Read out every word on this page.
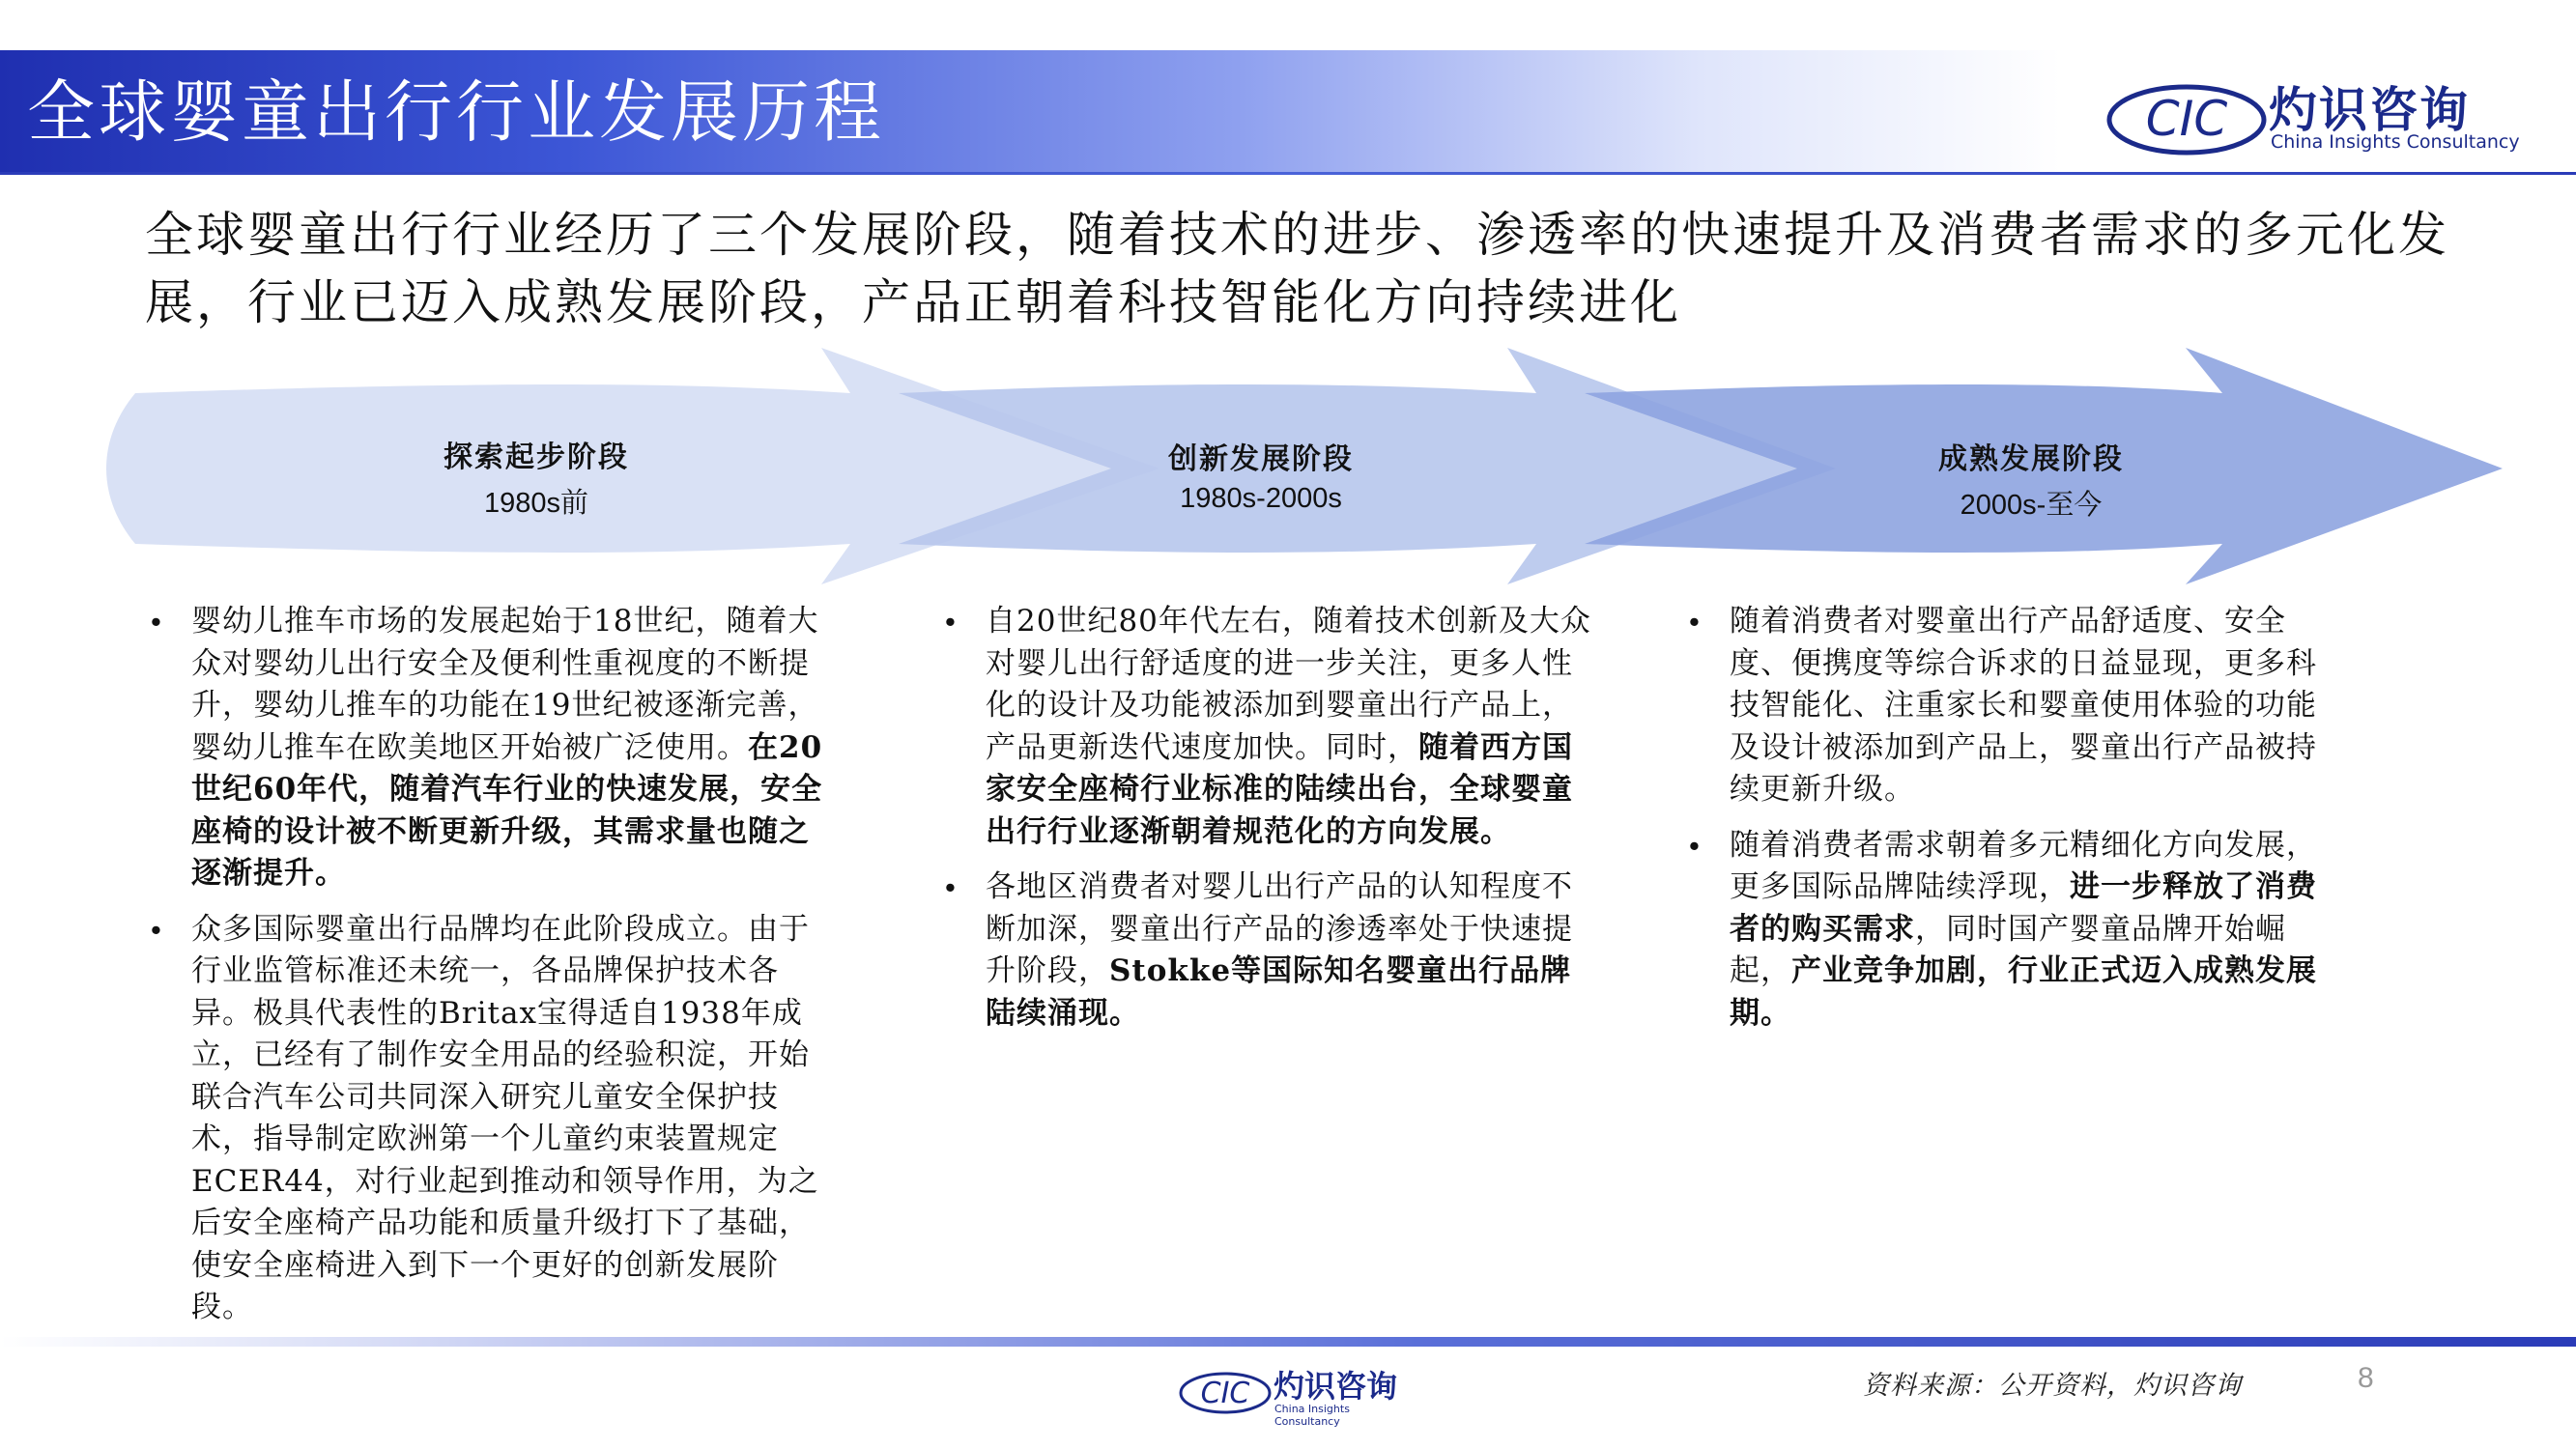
全球婴童出行行业发展历程	CIC 灼识咨询
China Insights Consultancy
全球婴童出行行业经历了三个发展阶段，随着技术的进步、渗透率的快速提升及消费者需求的多元化发展，行业已迈入成熟发展阶段，产品正朝着科技智能化方向持续进化
探索起步阶段
1980s前
创新发展阶段
1980s-2000s
成熟发展阶段
2000s-至今
• 婴幼儿推车市场的发展起始于18世纪，随着大众对婴幼儿出行安全及便利性重视度的不断提升，婴幼儿推车的功能在19世纪被逐渐完善，婴幼儿推车在欧美地区开始被广泛使用。在20世纪60年代，随着汽车行业的快速发展，安全座椅的设计被不断更新升级，其需求量也随之逐渐提升。
• 众多国际婴童出行品牌均在此阶段成立。由于行业监管标准还未统一，各品牌保护技术各异。极具代表性的Britax宝得适自1938年成立，已经有了制作安全用品的经验积淀，开始联合汽车公司共同深入研究儿童安全保护技术，指导制定欧洲第一个儿童约束装置规定ECER44，对行业起到推动和领导作用，为之后安全座椅产品功能和质量升级打下了基础，使安全座椅进入到下一个更好的创新发展阶段。
• 自20世纪80年代左右，随着技术创新及大众对婴儿出行舒适度的进一步关注，更多人性化的设计及功能被添加到婴童出行产品上，产品更新迭代速度加快。同时，随着西方国家安全座椅行业标准的陆续出台，全球婴童出行行业逐渐朝着规范化的方向发展。
• 各地区消费者对婴儿出行产品的认知程度不断加深，婴童出行产品的渗透率处于快速提升阶段，Stokke等国际知名婴童出行品牌陆续涌现。
• 随着消费者对婴童出行产品舒适度、安全度、便携度等综合诉求的日益显现，更多科技智能化、注重家长和婴童使用体验的功能及设计被添加到产品上，婴童出行产品被持续更新升级。
• 随着消费者需求朝着多元精细化方向发展，更多国际品牌陆续浮现，进一步释放了消费者的购买需求，同时国产婴童品牌开始崛起，产业竞争加剧，行业正式迈入成熟发展期。
CIC 灼识咨询
China Insights Consultancy
资料来源：公开资料，灼识咨询	8
